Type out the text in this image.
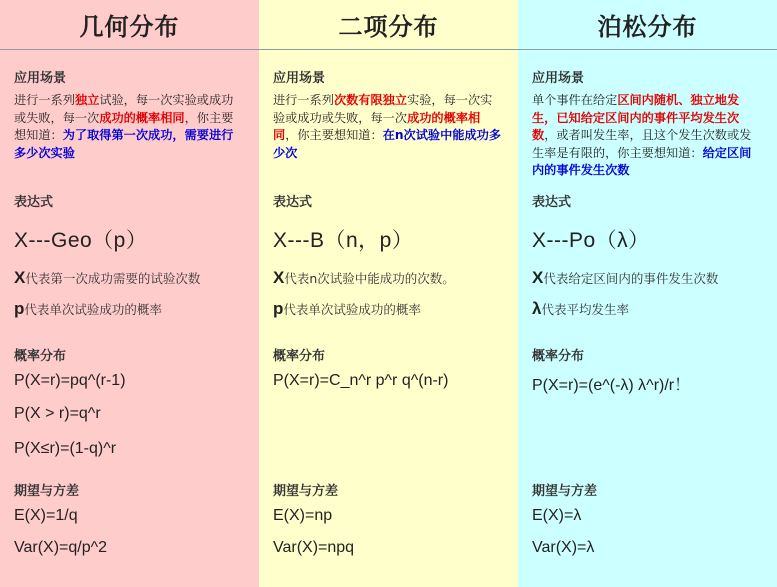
几何分布
应用场景
进行一系列独立试验，每一次实验或成功或失败，每一次成功的概率相同，你主要想知道：为了取得第一次成功，需要进行多少次实验
表达式
X---Geo（p）
X代表第一次成功需要的试验次数
p代表单次试验成功的概率
概率分布
P(X=r)=pq^(r-1)
P(X > r)=q^r
P(X≤r)=(1-q)^r
期望与方差
E(X)=1/q
Var(X)=q/p^2
二项分布
应用场景
进行一系列次数有限独立实验，每一次实验或成功或失败，每一次成功的概率相同，你主要想知道：在n次试验中能成功多少次
表达式
X---B（n，p）
X代表n次试验中能成功的次数。
p代表单次试验成功的概率
概率分布
P(X=r)=C_n^r p^r q^(n-r)
期望与方差
E(X)=np
Var(X)=npq
泊松分布
应用场景
单个事件在给定区间内随机、独立地发生，已知给定区间内的事件平均发生次数，或者叫发生率，且这个发生次数或发生率是有限的，你主要想知道：给定区间内的事件发生次数
表达式
X---Po（λ）
X代表给定区间内的事件发生次数
λ代表平均发生率
概率分布
P(X=r)=(e^(-λ) λ^r)/r！
期望与方差
E(X)=λ
Var(X)=λ
